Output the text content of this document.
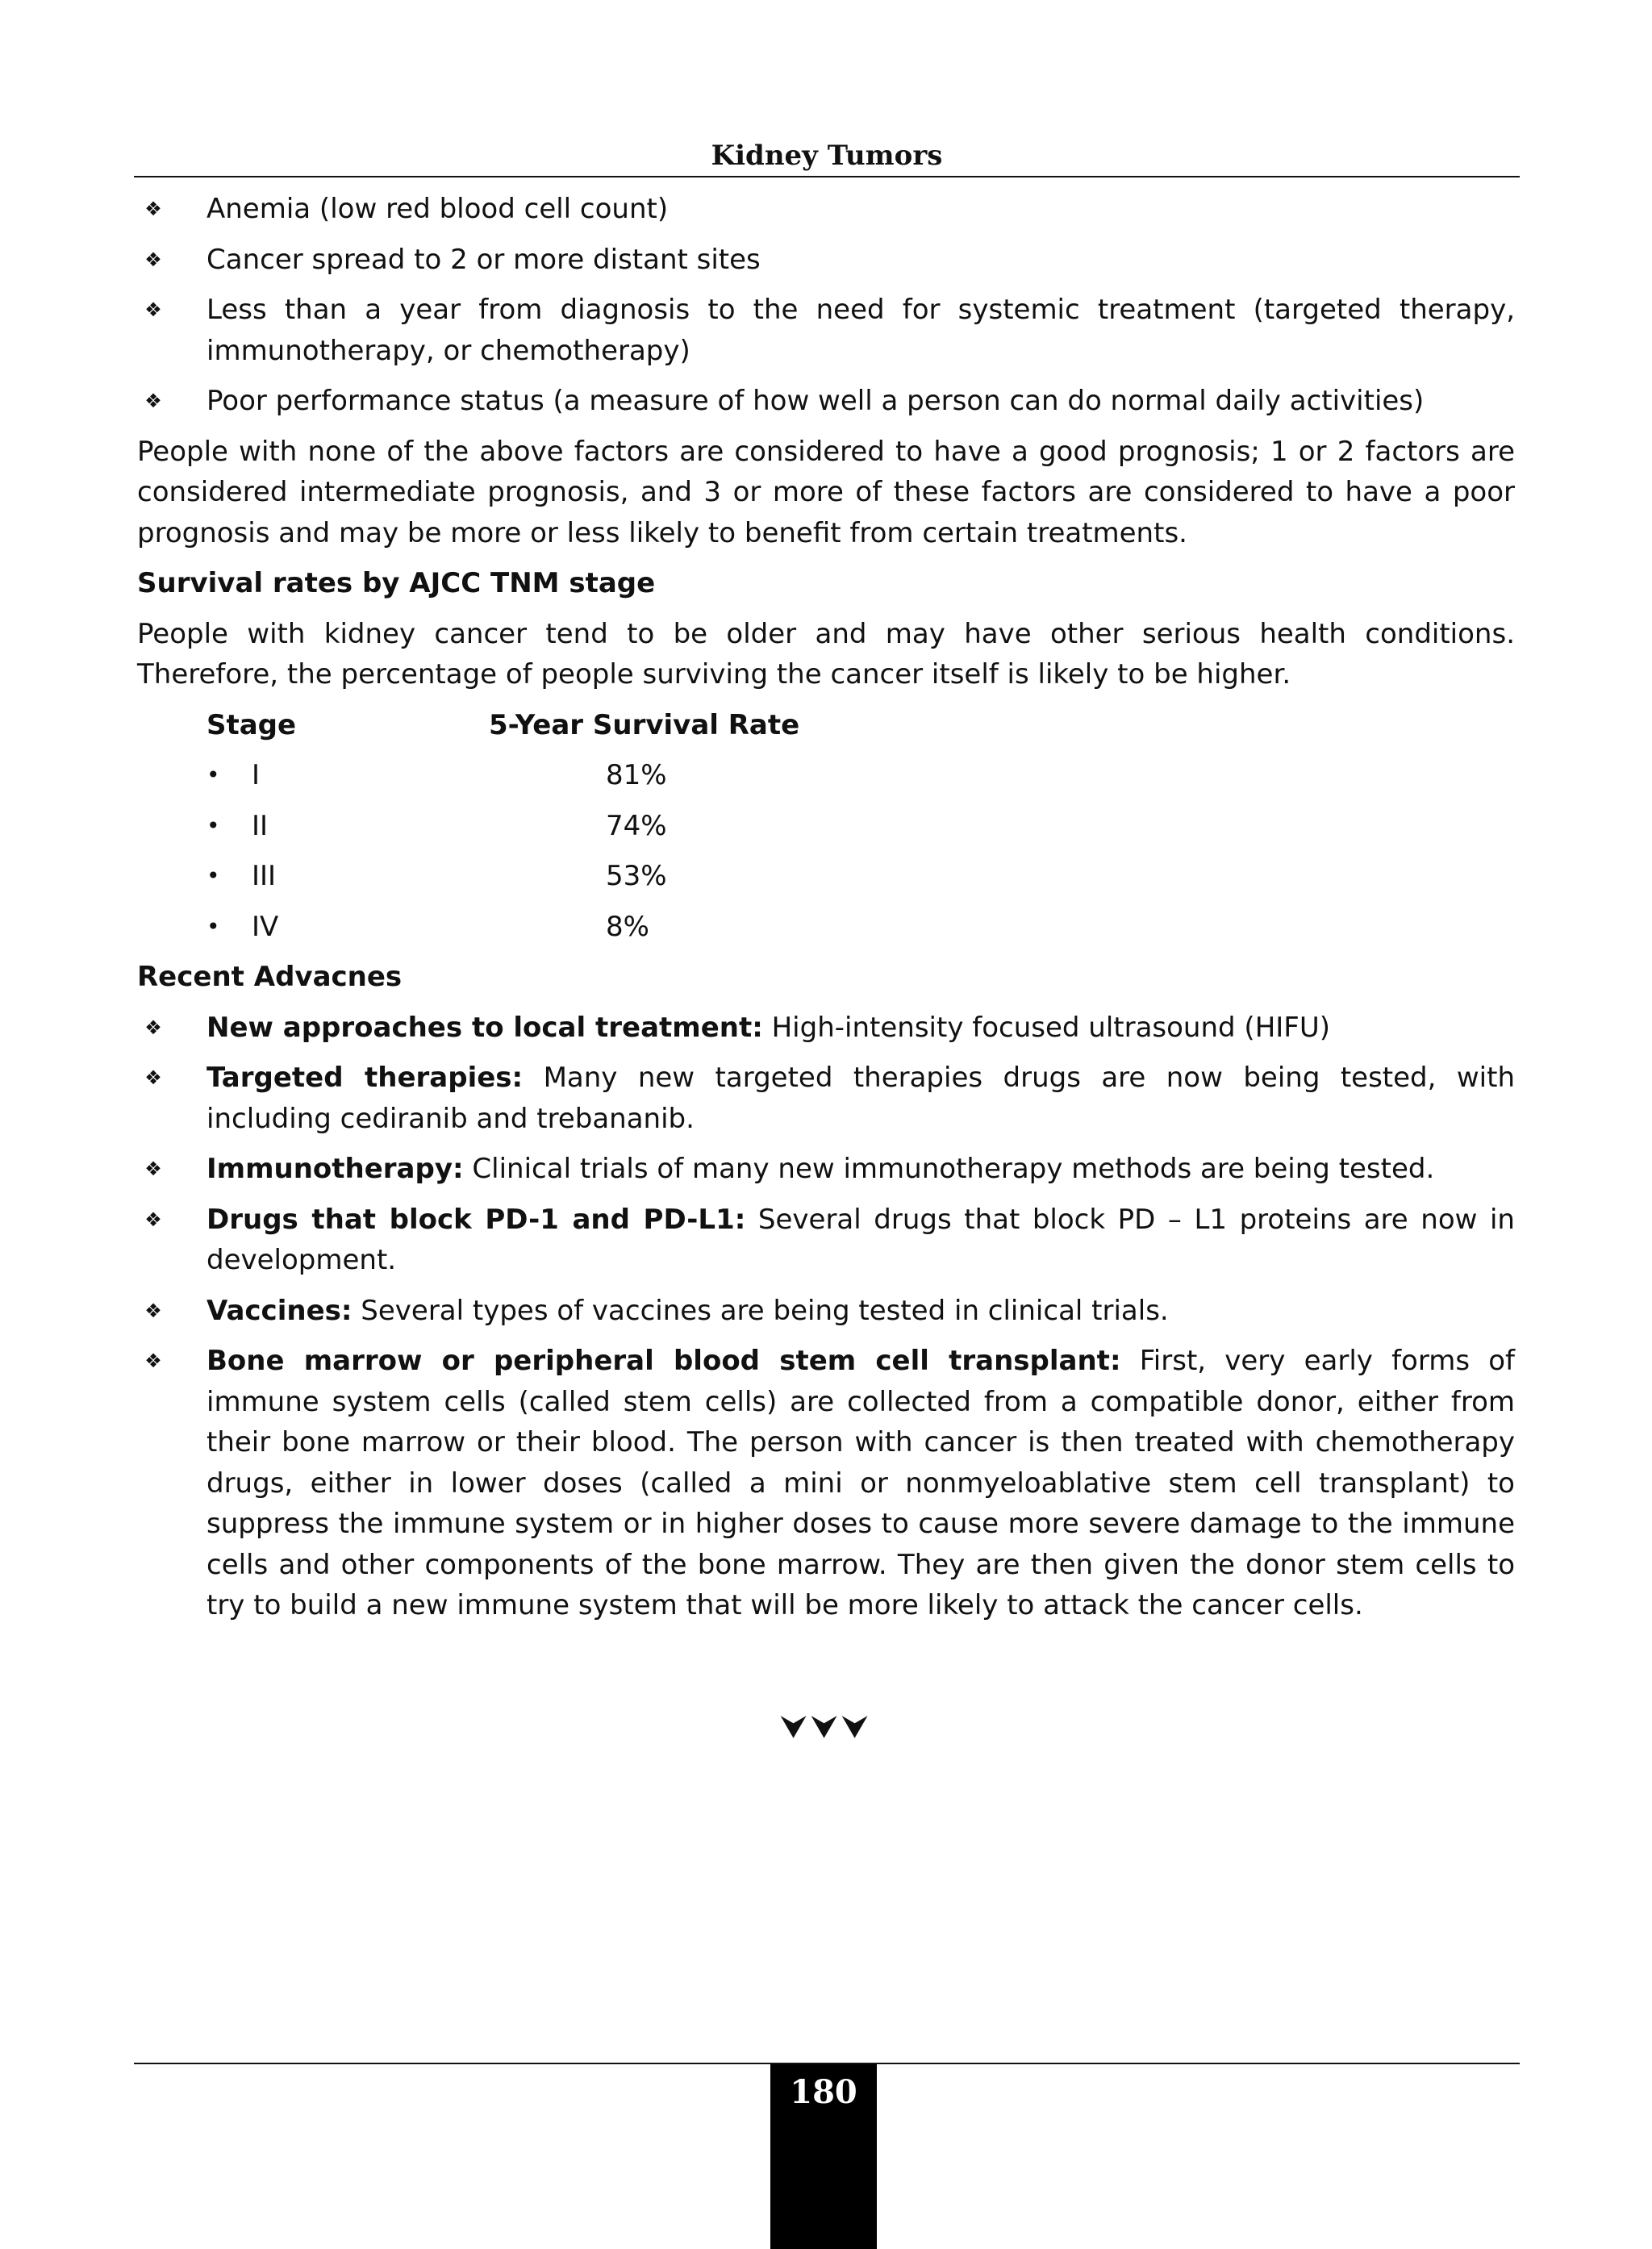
Kidney Tumors
❖ Anemia (low red blood cell count)
❖ Cancer spread to 2 or more distant sites
❖ Less than a year from diagnosis to the need for systemic treatment (targeted therapy, immunotherapy, or chemotherapy)
❖ Poor performance status (a measure of how well a person can do normal daily activities)

People with none of the above factors are considered to have a good prognosis; 1 or 2 factors are considered intermediate prognosis, and 3 or more of these factors are considered to have a poor prognosis and may be more or less likely to benefit from certain treatments.

Survival rates by AJCC TNM stage

People with kidney cancer tend to be older and may have other serious health conditions. Therefore, the percentage of people surviving the cancer itself is likely to be higher.

Stage	5-Year Survival Rate
• I	81%
• II	74%
• III	53%
• IV	8%
Recent Advacnes
❖ New approaches to local treatment: High-intensity focused ultrasound (HIFU)
❖ Targeted therapies: Many new targeted therapies drugs are now being tested, with including cediranib and trebananib.
❖ Immunotherapy: Clinical trials of many new immunotherapy methods are being tested.
❖ Drugs that block PD-1 and PD-L1: Several drugs that block PD – L1 proteins are now in development.
❖ Vaccines: Several types of vaccines are being tested in clinical trials.
❖ Bone marrow or peripheral blood stem cell transplant: First, very early forms of immune system cells (called stem cells) are collected from a compatible donor, either from their bone marrow or their blood. The person with cancer is then treated with chemotherapy drugs, either in lower doses (called a mini or nonmyeloablative stem cell transplant) to suppress the immune system or in higher doses to cause more severe damage to the immune cells and other components of the bone marrow. They are then given the donor stem cells to try to build a new immune system that will be more likely to attack the cancer cells.
⮟⮟⮟
180
